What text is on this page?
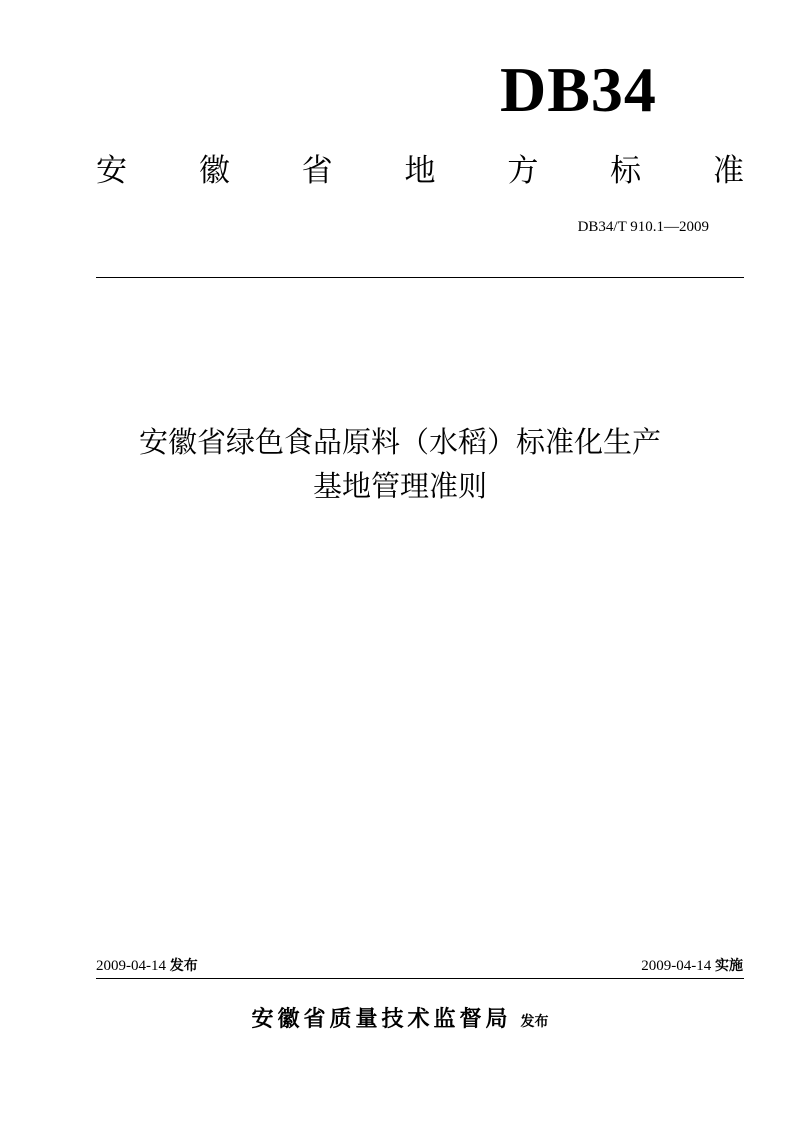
DB34
安 徽 省 地 方 标 准
DB34/T 910.1—2009
安徽省绿色食品原料（水稻）标准化生产
基地管理准则
2009-04-14 发布	2009-04-14 实施
安徽省质量技术监督局 发布
